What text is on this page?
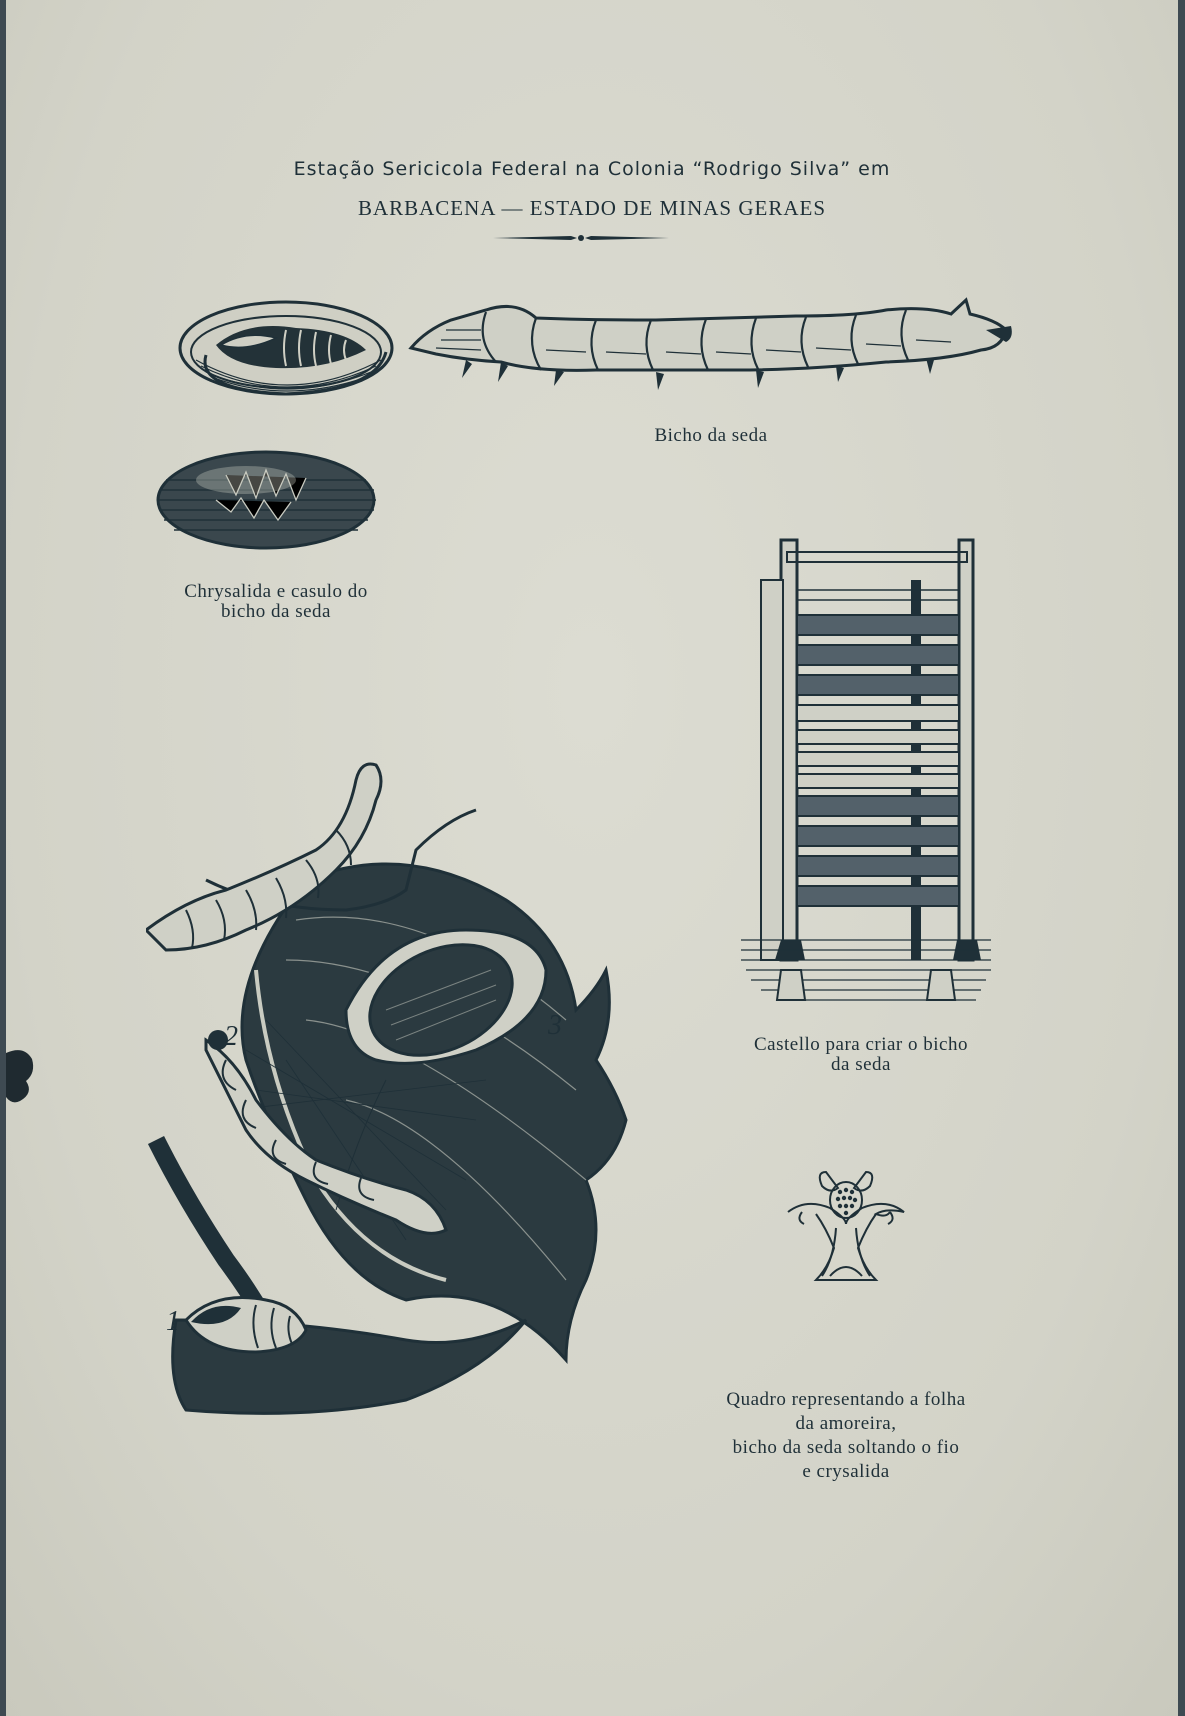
Estação Sericicola Federal na Colonia “Rodrigo Silva” em
BARBACENA — ESTADO DE MINAS GERAES
Bicho da seda
Chrysalida e casulo do
bicho da seda
Castello para criar o bicho
da seda
1
2	3
Quadro representando a folha
da amoreira,
bicho da seda soltando o fio
e crysalida
